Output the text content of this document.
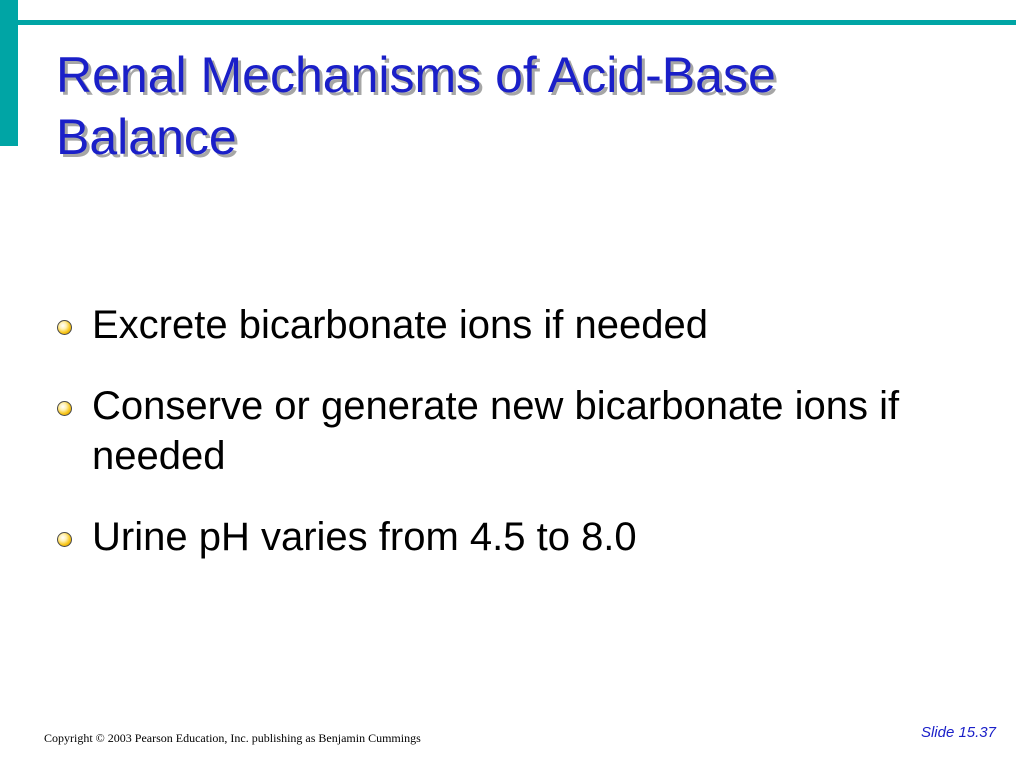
Renal Mechanisms of Acid-Base
Balance
Excrete bicarbonate ions if needed
Conserve or generate new bicarbonate ions if needed
Urine pH varies from 4.5 to 8.0
Copyright © 2003 Pearson Education, Inc. publishing as Benjamin Cummings	Slide 15.37
